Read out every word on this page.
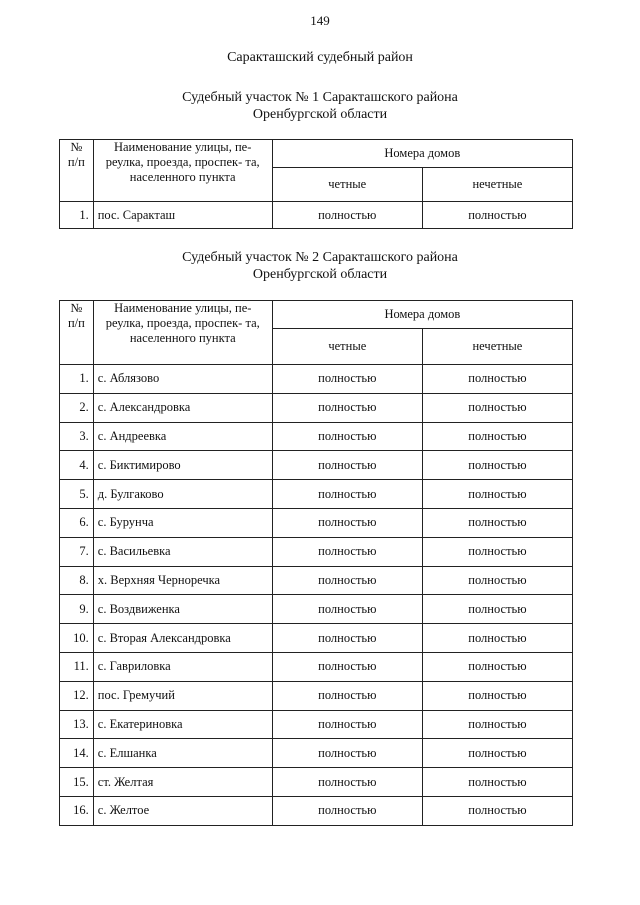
149
Саракташский судебный район
Судебный участок № 1 Саракташского района
Оренбургской области
№ п/п	Наименование улицы, пе- реулка, проезда, проспек- та, населенного пункта	Номера домов	
		четные	нечетные
1.	пос. Саракташ	полностью	полностью
Судебный участок № 2 Саракташского района
Оренбургской области
№ п/п	Наименование улицы, пе- реулка, проезда, проспек- та, населенного пункта	Номера домов	
		четные	нечетные
1.	с. Аблязово	полностью	полностью
2.	с. Александровка	полностью	полностью
3.	с. Андреевка	полностью	полностью
4.	с. Биктимирово	полностью	полностью
5.	д. Булгаково	полностью	полностью
6.	с. Бурунча	полностью	полностью
7.	с. Васильевка	полностью	полностью
8.	х. Верхняя Черноречка	полностью	полностью
9.	с. Воздвиженка	полностью	полностью
10.	с. Вторая Александровка	полностью	полностью
11.	с. Гавриловка	полностью	полностью
12.	пос. Гремучий	полностью	полностью
13.	с. Екатериновка	полностью	полностью
14.	с. Елшанка	полностью	полностью
15.	ст. Желтая	полностью	полностью
16.	с. Желтое	полностью	полностью
